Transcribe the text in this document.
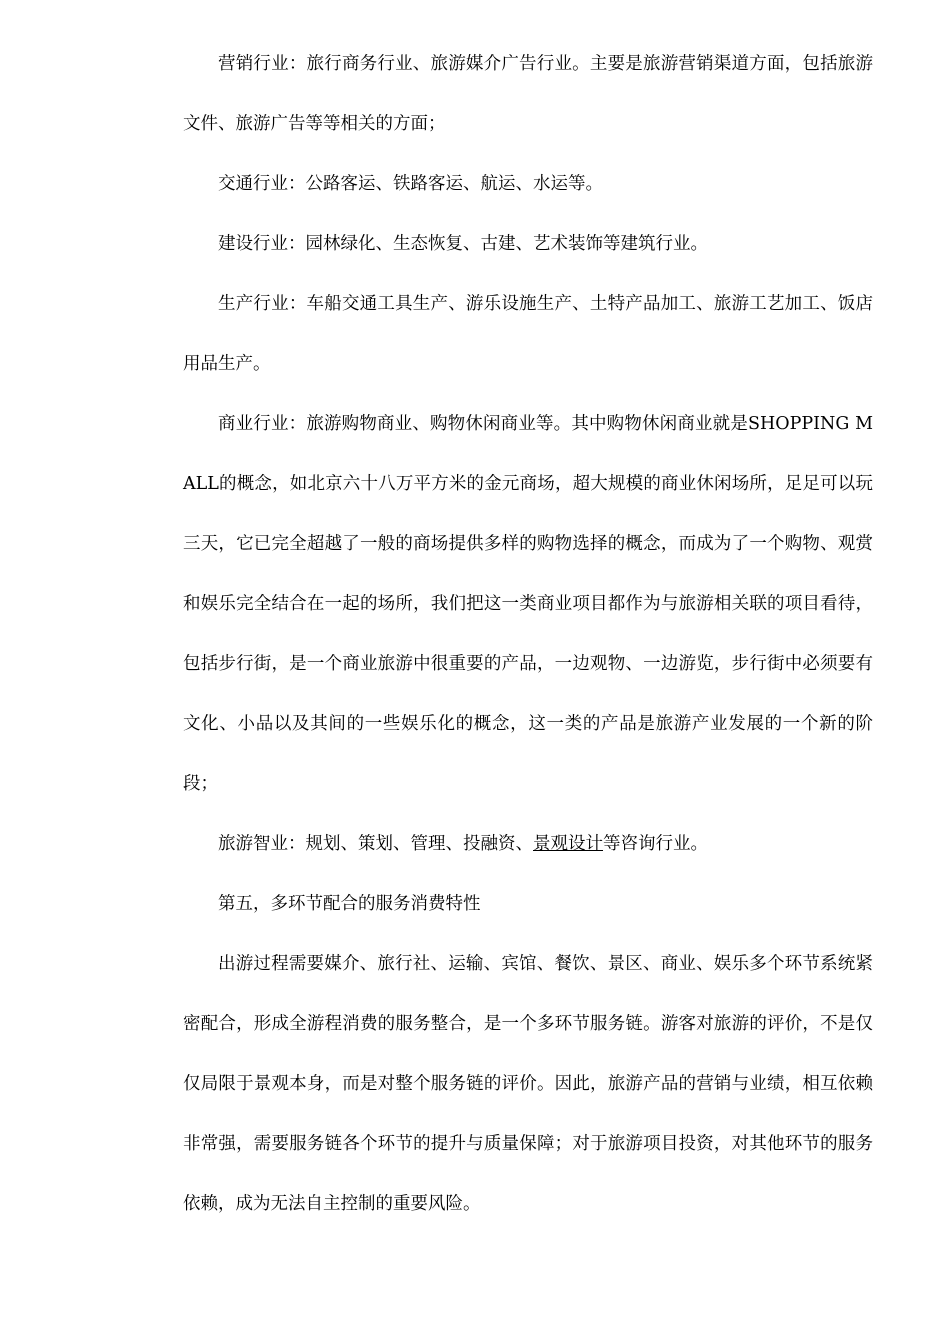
营销行业：旅行商务行业、旅游媒介广告行业。主要是旅游营销渠道方面，包括旅游文件、旅游广告等等相关的方面；

交通行业：公路客运、铁路客运、航运、水运等。

建设行业：园林绿化、生态恢复、古建、艺术装饰等建筑行业。

生产行业：车船交通工具生产、游乐设施生产、土特产品加工、旅游工艺加工、饭店用品生产。

商业行业：旅游购物商业、购物休闲商业等。其中购物休闲商业就是SHOPPING MALL的概念，如北京六十八万平方米的金元商场，超大规模的商业休闲场所，足足可以玩三天，它已完全超越了一般的商场提供多样的购物选择的概念，而成为了一个购物、观赏和娱乐完全结合在一起的场所，我们把这一类商业项目都作为与旅游相关联的项目看待，包括步行街，是一个商业旅游中很重要的产品，一边观物、一边游览，步行街中必须要有文化、小品以及其间的一些娱乐化的概念，这一类的产品是旅游产业发展的一个新的阶段；

旅游智业：规划、策划、管理、投融资、景观设计等咨询行业。

第五，多环节配合的服务消费特性

出游过程需要媒介、旅行社、运输、宾馆、餐饮、景区、商业、娱乐多个环节系统紧密配合，形成全游程消费的服务整合，是一个多环节服务链。游客对旅游的评价，不是仅仅局限于景观本身，而是对整个服务链的评价。因此，旅游产品的营销与业绩，相互依赖非常强，需要服务链各个环节的提升与质量保障；对于旅游项目投资，对其他环节的服务依赖，成为无法自主控制的重要风险。
